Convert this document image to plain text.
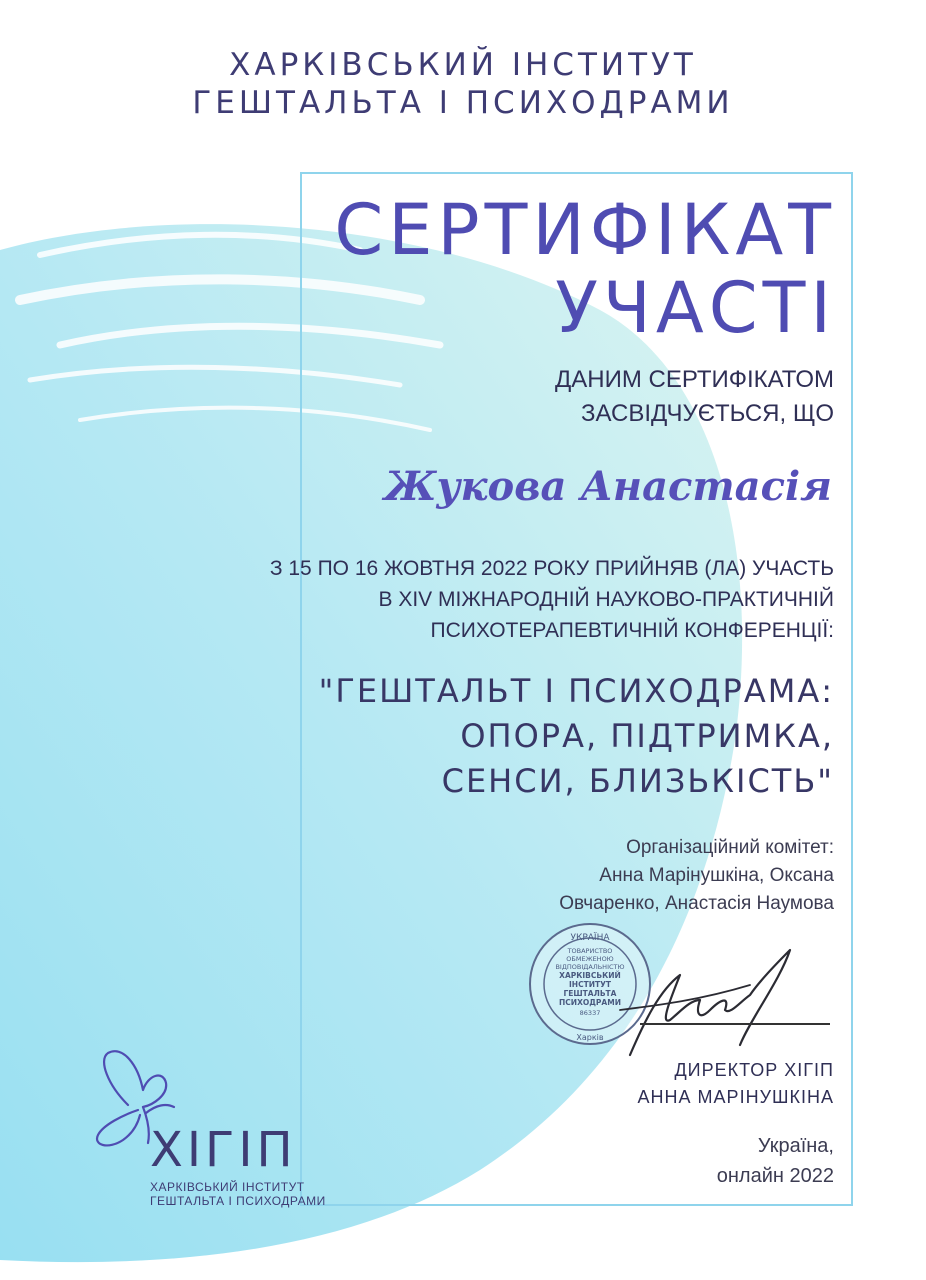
ХАРКІВСЬКИЙ ІНСТИТУТ
ГЕШТАЛЬТА І ПСИХОДРАМИ
СЕРТИФІКАТ
УЧАСТІ
ДАНИМ СЕРТИФІКАТОМ
ЗАСВІДЧУЄТЬСЯ, ЩО
Жукова Анастасія
З 15 ПО 16 ЖОВТНЯ 2022 РОКУ ПРИЙНЯВ (ЛА) УЧАСТЬ
В XIV МІЖНАРОДНІЙ НАУКОВО-ПРАКТИЧНІЙ
ПСИХОТЕРАПЕВТИЧНІЙ КОНФЕРЕНЦІЇ:
"ГЕШТАЛЬТ І ПСИХОДРАМА:
ОПОРА, ПІДТРИМКА,
СЕНСИ, БЛИЗЬКІСТЬ"
Організаційний комітет:
Анна Марінушкіна, Оксана
Овчаренко, Анастасія Наумова
УКРАЇНА
ТОВАРИСТВО
ОБМЕЖЕНОЮ
ВІДПОВІДАЛЬНІСТЮ
ХАРКІВСЬКИЙ
ІНСТИТУТ
ГЕШТАЛЬТА
ПСИХОДРАМИ
86337
Харків
ДИРЕКТОР ХІГІП
АННА МАРІНУШКІНА
Україна,
онлайн 2022
ХІГІП
ХАРКІВСЬКИЙ ІНСТИТУТ
ГЕШТАЛЬТА І ПСИХОДРАМИ
